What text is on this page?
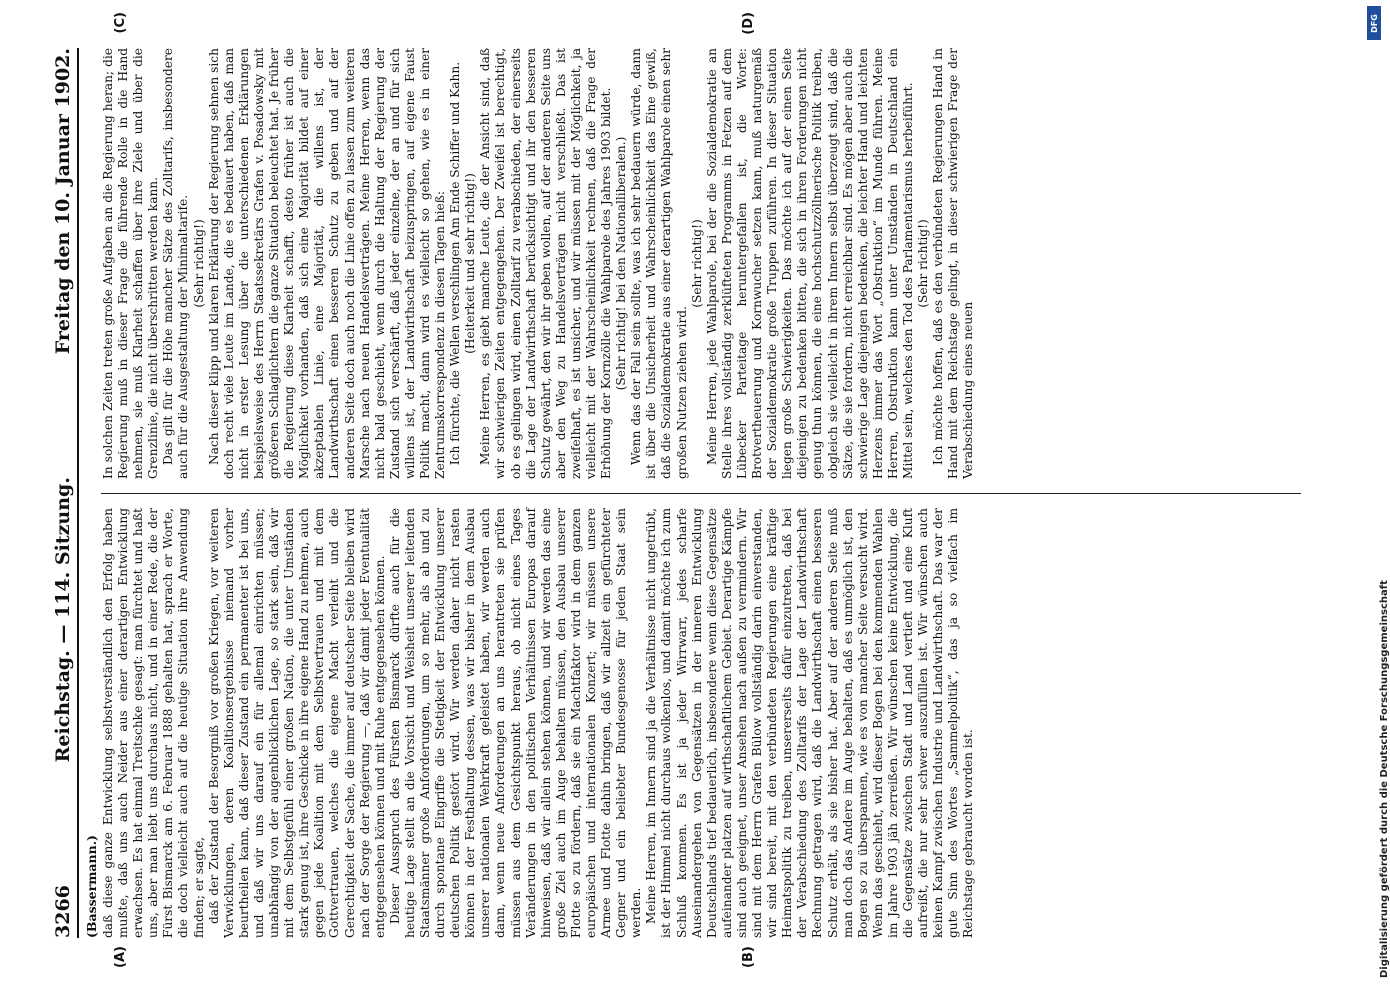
3266
Reichstag. — 114. Sitzung.
Freitag den 10. Januar 1902.
(Bassermann.)
(A)	(B)
(C)	(D)

daß diese ganze Entwicklung selbstverständlich den Erfolg haben mußte, daß uns auch Neider aus einer derartigen Entwicklung erwachsen. Es hat einmal Treitschke gesagt: man fürchtet und haßt uns, aber man liebt uns durchaus nicht, und in einer Rede, die der Fürst Bismarck am 6. Februar 1888 gehalten hat, sprach er Worte, die doch vielleicht auch auf die heutige Situation ihre Anwendung finden; er sagte, daß der Zustand der Besorgniß vor großen Kriegen, vor weiteren Verwicklungen, deren Koalitionsergebnisse niemand vorher beurtheilen kann, daß dieser Zustand ein permanenter ist bei uns, und daß wir uns darauf ein für allemal einrichten müssen; unabhängig von der augenblicklichen Lage, so stark sein, daß wir mit dem Selbstgefühl einer großen Nation, die unter Umständen stark genug ist, ihre Geschicke in ihre eigene Hand zu nehmen, auch gegen jede Koalition mit dem Selbstvertrauen und mit dem Gottvertrauen, welches die eigene Macht verleiht und die Gerechtigkeit der Sache, die immer auf deutscher Seite bleiben wird nach der Sorge der Regierung —, daß wir damit jeder Eventualität entgegensehen können und mit Ruhe entgegensehen können. Dieser Ausspruch des Fürsten Bismarck dürfte auch für die heutige Lage stellt an die Vorsicht und Weisheit unserer leitenden Staatsmänner große Anforderungen, um so mehr, als ab und zu durch spontane Eingriffe die Stetigkeit der Entwicklung unserer deutschen Politik gestört wird. Wir werden daher nicht rasten können in der Festhaltung dessen, was wir bisher in dem Ausbau unserer nationalen Wehrkraft geleistet haben, wir werden auch dann, wenn neue Anforderungen an uns herantreten sie prüfen müssen aus dem Gesichtspunkt heraus, ob nicht eines Tages Veränderungen in den politischen Verhältnissen Europas darauf hinweisen, daß wir allein stehen können, und wir werden das eine große Ziel auch im Auge behalten müssen, den Ausbau unserer Flotte so zu fördern, daß sie ein Machtfaktor wird in dem ganzen europäischen und internationalen Konzert; wir müssen unsere Armee und Flotte dahin bringen, daß wir allzeit ein gefürchteter Gegner und ein beliebter Bundesgenosse für jeden Staat sein werden. Meine Herren, im Innern sind ja die Verhältnisse nicht ungetrübt, ist der Himmel nicht durchaus wolkenlos, und damit möchte ich zum Schluß kommen. Es ist ja jeder Wirrwarr, jedes scharfe Auseinandergehen von Gegensätzen in der inneren Entwicklung Deutschlands tief bedauerlich, insbesondere wenn diese Gegensätze aufeinander platzen auf wirthschaftlichem Gebiet. Derartige Kämpfe sind auch geeignet, unser Ansehen nach außen zu vermindern. Wir sind mit dem Herrn Grafen Bülow vollständig darin einverstanden, wir sind bereit, mit den verbündeten Regierungen eine kräftige Heimatspolitik zu treiben, unsererseits dafür einzutreten, daß bei der Verabschiedung des Zolltarifs der Lage der Landwirthschaft Rechnung getragen wird, daß die Landwirthschaft einen besseren Schutz erhält, als sie bisher hat. Aber auf der anderen Seite muß man doch das Andere im Auge behalten, daß es unmöglich ist, den Bogen so zu überspannen, wie es von mancher Seite versucht wird. Wenn das geschieht, wird dieser Bogen bei den kommenden Wahlen im Jahre 1903 jäh zerreißen. Wir wünschen keine Entwicklung, die die Gegensätze zwischen Stadt und Land vertieft und eine Kluft aufreißt, die nur sehr schwer auszufüllen ist. Wir wünschen auch keinen Kampf zwischen Industrie und Landwirthschaft. Das war der gute Sinn des Wortes „Sammelpolitik“, das ja so vielfach im Reichstage gebraucht worden ist.

In solchen Zeiten treten große Aufgaben an die Regierung heran; die Regierung muß in dieser Frage die führende Rolle in die Hand nehmen, sie muß Klarheit schaffen über ihre Ziele und über die Grenzlinie, die nicht überschritten werden kann. Das gilt für die Höhe mancher Sätze des Zolltarifs, insbesondere auch für die Ausgestaltung der Minimaltarife. (Sehr richtig!) Nach dieser klipp und klaren Erklärung der Regierung sehnen sich doch recht viele Leute im Lande, die es bedauert haben, daß man nicht in erster Lesung über die unterschiedenen Erklärungen beispielsweise des Herrn Staatssekretärs Grafen v. Posadowsky mit größeren Schlaglichtern die ganze Situation beleuchtet hat. Je früher die Regierung diese Klarheit schafft, desto früher ist auch die Möglichkeit vorhanden, daß sich eine Majorität bildet auf einer akzeptablen Linie, eine Majorität, die willens ist, der Landwirthschaft einen besseren Schutz zu geben und auf der anderen Seite doch auch noch die Linie offen zu lassen zum weiteren Marsche nach neuen Handelsverträgen. Meine Herren, wenn das nicht bald geschieht, wenn durch die Haltung der Regierung der Zustand sich verschärft, daß jeder einzelne, der an und für sich willens ist, der Landwirthschaft beizuspringen, auf eigene Faust Politik macht, dann wird es vielleicht so gehen, wie es in einer Zentrumskorrespondenz in diesen Tagen hieß: Ich fürchte, die Wellen verschlingen Am Ende Schiffer und Kahn. (Heiterkeit und sehr richtig!) Meine Herren, es giebt manche Leute, die der Ansicht sind, daß wir schwierigen Zeiten entgegengehen. Der Zweifel ist berechtigt, ob es gelingen wird, einen Zolltarif zu verabschieden, der einerseits die Lage der Landwirthschaft berücksichtigt und ihr den besseren Schutz gewährt, den wir ihr geben wollen, auf der anderen Seite uns aber den Weg zu Handelsverträgen nicht verschließt. Das ist zweifelhaft, es ist unsicher, und wir müssen mit der Möglichkeit, ja vielleicht mit der Wahrscheinlichkeit rechnen, daß die Frage der Erhöhung der Kornzölle die Wahlparole des Jahres 1903 bildet. (Sehr richtig! bei den Nationalliberalen.) Wenn das der Fall sein sollte, was ich sehr bedauern würde, dann ist über die Unsicherheit und Wahrscheinlichkeit das Eine gewiß, daß die Sozialdemokratie aus einer derartigen Wahlparole einen sehr großen Nutzen ziehen wird.

(Sehr richtig!) Meine Herren, jede Wahlparole, bei der die Sozialdemokratie an Stelle ihres vollständig zerklüfteten Programms in Fetzen auf dem Lübecker Parteitage heruntergefallen ist, die Worte: Brotvertheuerung und Kornwucher setzen kann, muß naturgemäß der Sozialdemokratie große Truppen zuführen. In dieser Situation liegen große Schwierigkeiten. Das möchte ich auf der einen Seite diejenigen zu bedenken bitten, die sich in ihren Forderungen nicht genug thun können, die eine hochschutzzöllnerische Politik treiben, obgleich sie vielleicht in ihrem Innern selbst überzeugt sind, daß die Sätze, die sie fordern, nicht erreichbar sind. Es mögen aber auch die schwierige Lage diejenigen bedenken, die leichter Hand und leichten Herzens immer das Wort „Obstruktion“ im Munde führen. Meine Herren, Obstruktion kann unter Umständen in Deutschland ein Mittel sein, welches den Tod des Parlamentarismus herbeiführt. (Sehr richtig!) Ich möchte hoffen, daß es den verbündeten Regierungen Hand in Hand mit dem Reichstage gelingt, in dieser schwierigen Frage der Verabschiedung eines neuen

Digitalisierung gefördert durch die Deutsche Forschungsgemeinschaft
DFG
